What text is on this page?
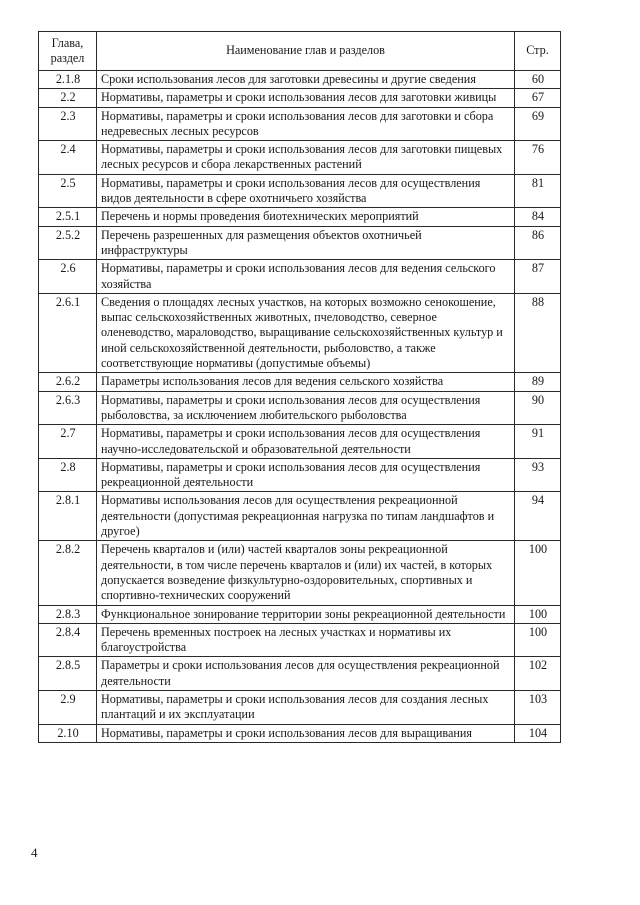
Глава,
раздел	Наименование глав и разделов	Стр.
2.1.8	Сроки использования лесов для заготовки древесины и другие сведения	60
2.2	Нормативы, параметры и сроки использования лесов для заготовки живицы	67
2.3	Нормативы, параметры и сроки использования лесов для заготовки и сбора недревесных лесных ресурсов	69
2.4	Нормативы, параметры и сроки использования лесов для заготовки пищевых лесных ресурсов и сбора лекарственных растений	76
2.5	Нормативы, параметры и сроки использования лесов для осуществления видов деятельности в сфере охотничьего хозяйства	81
2.5.1	Перечень и нормы проведения биотехнических мероприятий	84
2.5.2	Перечень разрешенных для размещения объектов охотничьей инфраструктуры	86
2.6	Нормативы, параметры и сроки использования лесов для ведения сельского хозяйства	87
2.6.1	Сведения о площадях лесных участков, на которых возможно сенокошение, выпас сельскохозяйственных животных, пчеловодство, северное оленеводство, мараловодство, выращивание сельскохозяйственных культур и иной сельскохозяйственной деятельности, рыболовство, а также соответствующие нормативы (допустимые объемы)	88
2.6.2	Параметры использования лесов для ведения сельского хозяйства	89
2.6.3	Нормативы, параметры и сроки использования лесов для осуществления рыболовства, за исключением любительского рыболовства	90
2.7	Нормативы, параметры и сроки использования лесов для осуществления научно-исследовательской и образовательной деятельности	91
2.8	Нормативы, параметры и сроки использования лесов для осуществления рекреационной деятельности	93
2.8.1	Нормативы использования лесов для осуществления рекреационной деятельности (допустимая рекреационная нагрузка по типам ландшафтов и другое)	94
2.8.2	Перечень кварталов и (или) частей кварталов зоны рекреационной деятельности, в том числе перечень кварталов и (или) их частей, в которых допускается возведение физкультурно-оздоровительных, спортивных и спортивно-технических сооружений	100
2.8.3	Функциональное зонирование территории зоны рекреационной деятельности	100
2.8.4	Перечень временных построек на лесных участках и нормативы их благоустройства	100
2.8.5	Параметры и сроки использования лесов для осуществления рекреационной деятельности	102
2.9	Нормативы, параметры и сроки использования лесов для создания лесных плантаций и их эксплуатации	103
2.10	Нормативы, параметры и сроки использования лесов для выращивания	104
4
